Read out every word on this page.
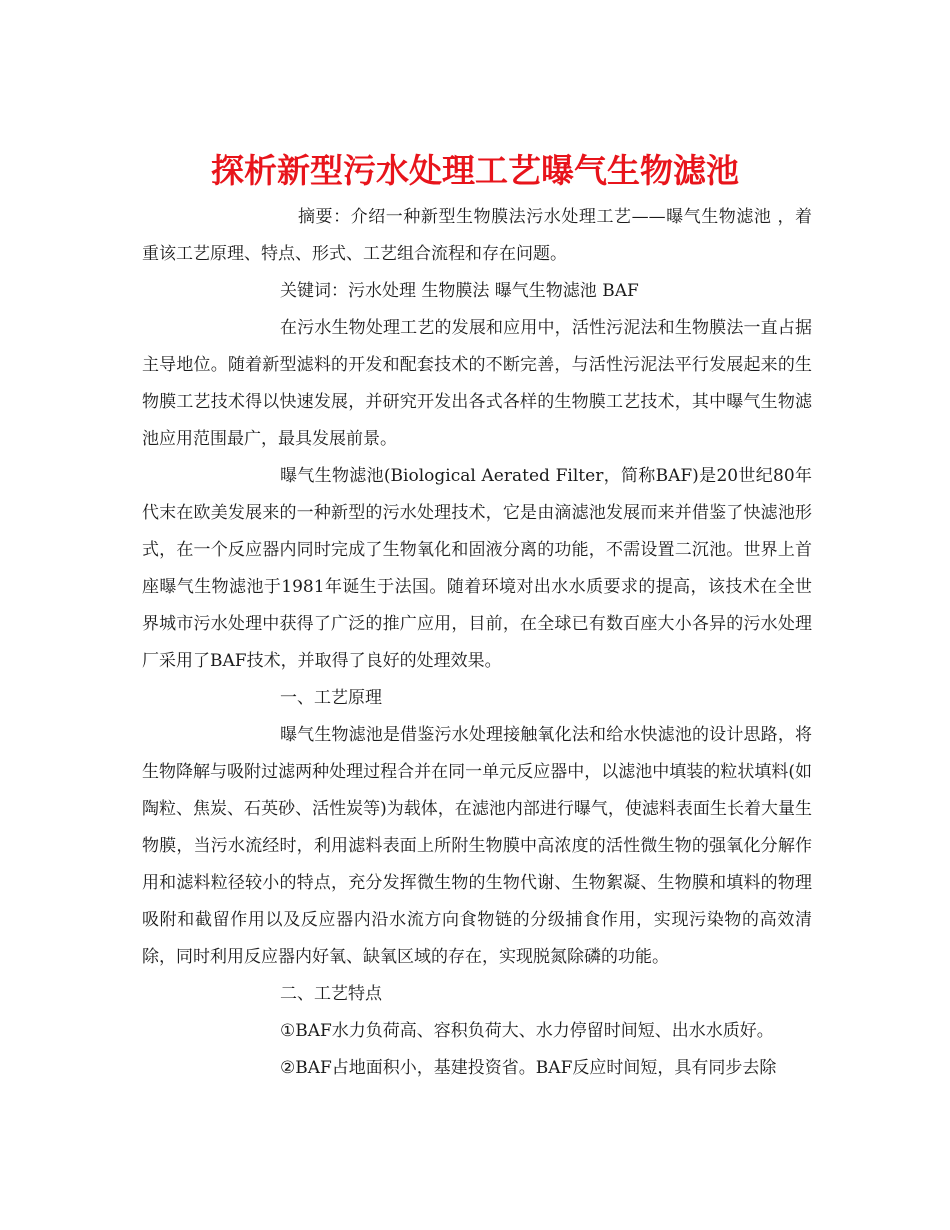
探析新型污水处理工艺曝气生物滤池

摘要：介绍一种新型生物膜法污水处理工艺——曝气生物滤池 ，着重该工艺原理、特点、形式、工艺组合流程和存在问题。

关键词：污水处理 生物膜法 曝气生物滤池 BAF

在污水生物处理工艺的发展和应用中，活性污泥法和生物膜法一直占据主导地位。随着新型滤料的开发和配套技术的不断完善，与活性污泥法平行发展起来的生物膜工艺技术得以快速发展，并研究开发出各式各样的生物膜工艺技术，其中曝气生物滤池应用范围最广，最具发展前景。

曝气生物滤池(Biological Aerated Filter，简称BAF)是20世纪80年代末在欧美发展来的一种新型的污水处理技术，它是由滴滤池发展而来并借鉴了快滤池形式，在一个反应器内同时完成了生物氧化和固液分离的功能，不需设置二沉池。世界上首座曝气生物滤池于1981年诞生于法国。随着环境对出水水质要求的提高，该技术在全世界城市污水处理中获得了广泛的推广应用，目前，在全球已有数百座大小各异的污水处理厂采用了BAF技术，并取得了良好的处理效果。

一、工艺原理

曝气生物滤池是借鉴污水处理接触氧化法和给水快滤池的设计思路，将生物降解与吸附过滤两种处理过程合并在同一单元反应器中，以滤池中填装的粒状填料(如陶粒、焦炭、石英砂、活性炭等)为载体，在滤池内部进行曝气，使滤料表面生长着大量生物膜，当污水流经时，利用滤料表面上所附生物膜中高浓度的活性微生物的强氧化分解作用和滤料粒径较小的特点，充分发挥微生物的生物代谢、生物絮凝、生物膜和填料的物理吸附和截留作用以及反应器内沿水流方向食物链的分级捕食作用，实现污染物的高效清除，同时利用反应器内好氧、缺氧区域的存在，实现脱氮除磷的功能。

二、工艺特点

①BAF水力负荷高、容积负荷大、水力停留时间短、出水水质好。

②BAF占地面积小，基建投资省。BAF反应时间短，具有同步去除
